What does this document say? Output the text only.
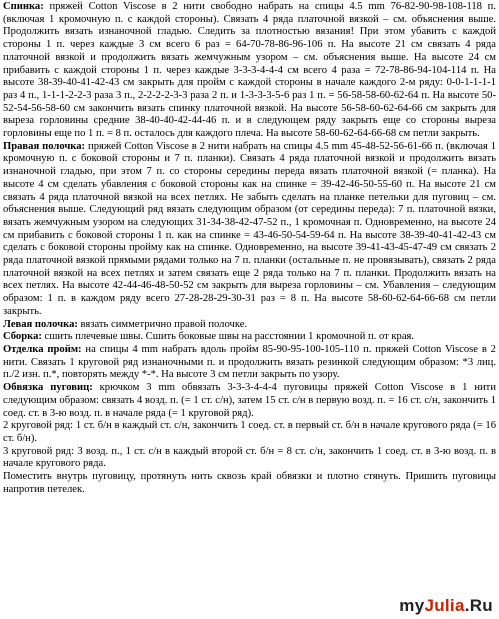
Спинка: пряжей Cotton Viscose в 2 нити свободно набрать на спицы 4.5 mm 76-82-90-98-108-118 п. (включая 1 кромочную п. с каждой стороны). Связать 4 ряда платочной вязкой – см. объяснения выше. Продолжить вязать изнаночной гладью. Следить за плотностью вязания! При этом убавить с каждой стороны 1 п. через каждые 3 см всего 6 раз = 64-70-78-86-96-106 п. На высоте 21 см связать 4 ряда платочной вязкой и продолжить вязать жемчужным узором – см. объяснения выше. На высоте 24 см прибавить с каждой стороны 1 п. через каждые 3-3-3-4-4-4 см всего 4 раза = 72-78-86-94-104-114 п. На высоте 38-39-40-41-42-43 см закрыть для пройм с каждой стороны в начале каждого 2-м ряду: 0-0-1-1-1-1 раз 4 п., 1-1-1-2-2-3 раза 3 п., 2-2-2-2-3-3 раза 2 п. и 1-3-3-3-5-6 раз 1 п. = 56-58-58-60-62-64 п. На высоте 50-52-54-56-58-60 см закончить вязать спинку платочной вязкой. На высоте 56-58-60-62-64-66 см закрыть для выреза горловины средние 38-40-40-42-44-46 п. и в следующем ряду закрыть еще со стороны выреза горловины еще по 1 п. = 8 п. осталось для каждого плеча. На высоте 58-60-62-64-66-68 см петли закрыть.

Правая полочка: пряжей Cotton Viscose в 2 нити набрать на спицы 4.5 mm 45-48-52-56-61-66 п. (включая 1 кромочную п. с боковой стороны и 7 п. планки). Связать 4 ряда платочной вязкой и продолжить вязать изнаночной гладью, при этом 7 п. со стороны середины переда вязать платочной вязкой (= планка). На высоте 4 см сделать убавления с боковой стороны как на спинке = 39-42-46-50-55-60 п. На высоте 21 см связать 4 ряда платочной вязкой на всех петлях. Не забыть сделать на планке петельки для пуговиц – см. объяснения выше. Следующий ряд вязать следующим образом (от середины переда): 7 п. платочной вязки, вязать жемчужным узором на следующих 31-34-38-42-47-52 п., 1 кромочная п. Одновременно, на высоте 24 см прибавить с боковой стороны 1 п. как на спинке = 43-46-50-54-59-64 п. На высоте 38-39-40-41-42-43 см сделать с боковой стороны пройму как на спинке. Одновременно, на высоте 39-41-43-45-47-49 см связать 2 ряда платочной вязкой прямыми рядами только на 7 п. планки (остальные п. не провязывать), связать 2 ряда платочной вязкой на всех петлях и затем связать еще 2 ряда только на 7 п. планки. Продолжить вязать на всех петлях. На высоте 42-44-46-48-50-52 см закрыть для выреза горловины – см. Убавления – следующим образом: 1 п. в каждом ряду всего 27-28-28-29-30-31 раз = 8 п. На высоте 58-60-62-64-66-68 см петли закрыть.

Левая полочка: вязать симметрично правой полочке.

Сборка: сшить плечевые швы. Сшить боковые швы на расстоянии 1 кромочной п. от края.

Отделка пройм: на спицы 4 mm набрать вдоль пройм 85-90-95-100-105-110 п. пряжей Cotton Viscose в 2 нити. Связать 1 круговой ряд изнаночными п. и продолжить вязать резинкой следующим образом: *3 лиц. п./2 изн. п.*, повторять между *-*. На высоте 3 см петли закрыть по узору.

Обвязка пуговиц: крючком 3 mm обвязать 3-3-3-4-4-4 пуговицы пряжей Cotton Viscose в 1 нити следующим образом: связать 4 возд. п. (= 1 ст. с/н), затем 15 ст. с/н в первую возд. п. = 16 ст. с/н, закончить 1 соед. ст. в 3-ю возд. п. в начале ряда (= 1 круговой ряд).

2 круговой ряд: 1 ст. б/н в каждый ст. с/н, закончить 1 соед. ст. в первый ст. б/н в начале кругового ряда (= 16 ст. б/н).

3 круговой ряд: 3 возд. п., 1 ст. с/н в каждый второй ст. б/н = 8 ст. с/н, закончить 1 соед. ст. в 3-ю возд. п. в начале кругового ряда.

Поместить внутрь пуговицу, протянуть нить сквозь край обвязки и плотно стянуть. Пришить пуговицы напротив петелек.

myJulia.Ru
